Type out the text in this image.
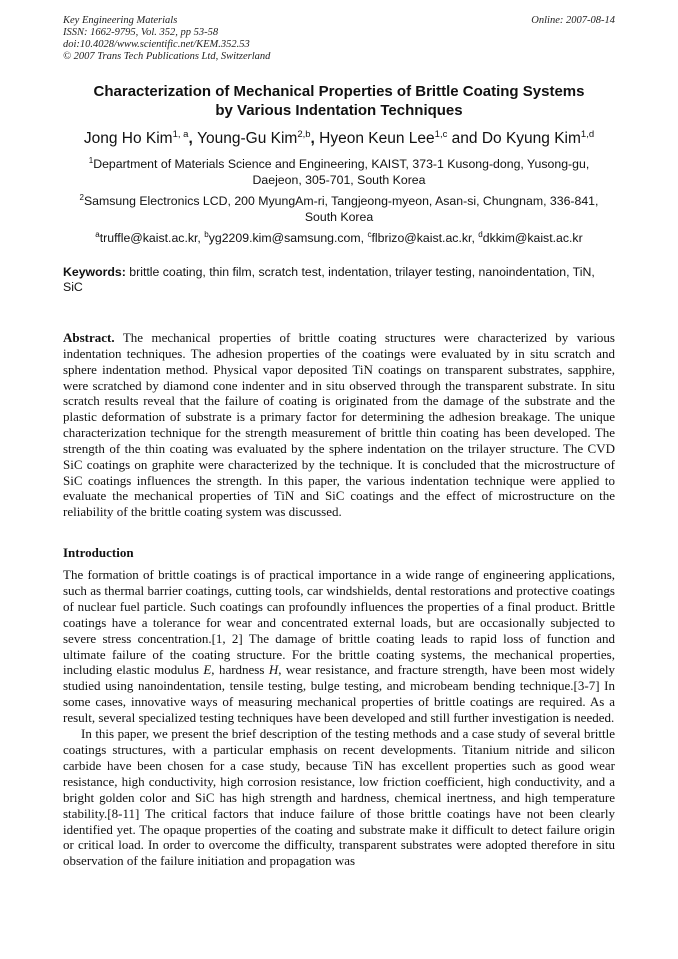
Key Engineering Materials	Online: 2007-08-14
ISSN: 1662-9795, Vol. 352, pp 53-58
doi:10.4028/www.scientific.net/KEM.352.53
© 2007 Trans Tech Publications Ltd, Switzerland
Characterization of Mechanical Properties of Brittle Coating Systems
by Various Indentation Techniques
Jong Ho Kim$^{1, a}$, Young-Gu Kim$^{2,b}$, Hyeon Keun Lee$^{1,c}$ and Do Kyung Kim$^{1,d}$
$^1$Department of Materials Science and Engineering, KAIST, 373-1 Kusong-dong, Yusong-gu,
Daejeon, 305-701, South Korea
$^2$Samsung Electronics LCD, 200 MyungAm-ri, Tangjeong-myeon, Asan-si, Chungnam, 336-841,
South Korea
$^a$truffle@kaist.ac.kr, $^b$yg2209.kim@samsung.com, $^c$flbrizo@kaist.ac.kr, $^d$dkkim@kaist.ac.kr
Keywords: brittle coating, thin film, scratch test, indentation, trilayer testing, nanoindentation, TiN, SiC
Abstract. The mechanical properties of brittle coating structures were characterized by various indentation techniques. The adhesion properties of the coatings were evaluated by in situ scratch and sphere indentation method. Physical vapor deposited TiN coatings on transparent substrates, sapphire, were scratched by diamond cone indenter and in situ observed through the transparent substrate. In situ scratch results reveal that the failure of coating is originated from the damage of the substrate and the plastic deformation of substrate is a primary factor for determining the adhesion breakage. The unique characterization technique for the strength measurement of brittle thin coating has been developed. The strength of the thin coating was evaluated by the sphere indentation on the trilayer structure. The CVD SiC coatings on graphite were characterized by the technique. It is concluded that the microstructure of SiC coatings influences the strength. In this paper, the various indentation technique were applied to evaluate the mechanical properties of TiN and SiC coatings and the effect of microstructure on the reliability of the brittle coating system was discussed.
Introduction

The formation of brittle coatings is of practical importance in a wide range of engineering applications, such as thermal barrier coatings, cutting tools, car windshields, dental restorations and protective coatings of nuclear fuel particle. Such coatings can profoundly influences the properties of a final product. Brittle coatings have a tolerance for wear and concentrated external loads, but are occasionally subjected to severe stress concentration.[1, 2] The damage of brittle coating leads to rapid loss of function and ultimate failure of the coating structure. For the brittle coating systems, the mechanical properties, including elastic modulus E, hardness H, wear resistance, and fracture strength, have been most widely studied using nanoindentation, tensile testing, bulge testing, and microbeam bending technique.[3-7] In some cases, innovative ways of measuring mechanical properties of brittle coatings are required. As a result, several specialized testing techniques have been developed and still further investigation is needed.

In this paper, we present the brief description of the testing methods and a case study of several brittle coatings structures, with a particular emphasis on recent developments. Titanium nitride and silicon carbide have been chosen for a case study, because TiN has excellent properties such as good wear resistance, high conductivity, high corrosion resistance, low friction coefficient, high conductivity, and a bright golden color and SiC has high strength and hardness, chemical inertness, and high temperature stability.[8-11] The critical factors that induce failure of those brittle coatings have not been clearly identified yet. The opaque properties of the coating and substrate make it difficult to detect failure origin or critical load. In order to overcome the difficulty, transparent substrates were adopted therefore in situ observation of the failure initiation and propagation was
